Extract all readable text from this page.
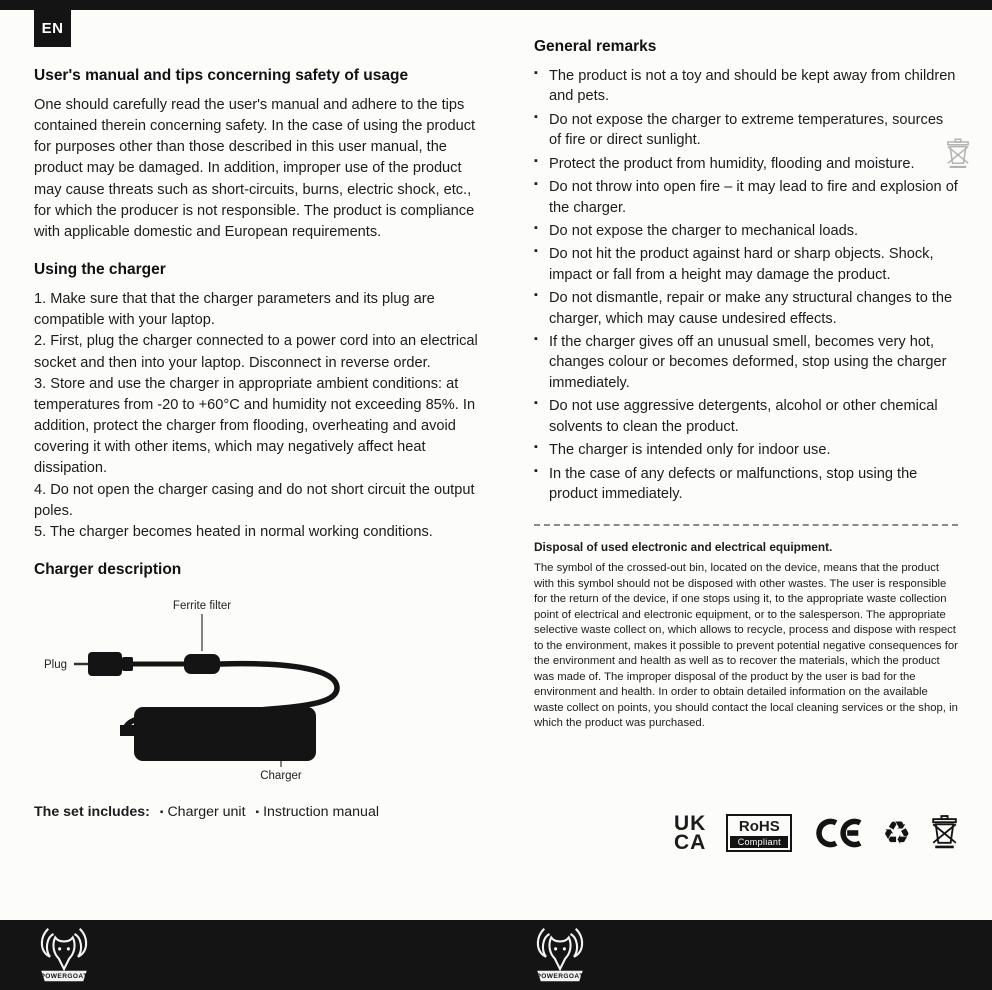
EN
User's manual and tips concerning safety of usage

One should carefully read the user's manual and adhere to the tips contained therein concerning safety. In the case of using the product for purposes other than those described in this user manual, the product may be damaged. In addition, improper use of the product may cause threats such as short-circuits, burns, electric shock, etc., for which the producer is not responsible. The product is compliance with applicable domestic and European requirements.

Using the charger

1. Make sure that that the charger parameters and its plug are compatible with your laptop.

2. First, plug the charger connected to a power cord into an electrical socket and then into your laptop. Disconnect in reverse order.

3. Store and use the charger in appropriate ambient conditions: at temperatures from -20 to +60°C and humidity not exceeding 85%. In addition, protect the charger from flooding, overheating and avoid covering it with other items, which may negatively affect heat dissipation.

4. Do not open the charger casing and do not short circuit the output poles.

5. The charger becomes heated in normal working conditions.

Charger description
Ferrite filter
Plug
Charger

The set includes: ▪ Charger unit ▪ Instruction manual

General remarks
▪ The product is not a toy and should be kept away from children and pets.
▪ Do not expose the charger to extreme temperatures, sources of fire or direct sunlight.
▪ Protect the product from humidity, flooding and moisture.
▪ Do not throw into open fire – it may lead to fire and explosion of the charger.
▪ Do not expose the charger to mechanical loads.
▪ Do not hit the product against hard or sharp objects. Shock, impact or fall from a height may damage the product.
▪ Do not dismantle, repair or make any structural changes to the charger, which may cause undesired effects.
▪ If the charger gives off an unusual smell, becomes very hot, changes colour or becomes deformed, stop using the charger immediately.
▪ Do not use aggressive detergents, alcohol or other chemical solvents to clean the product.
▪ The charger is intended only for indoor use.
▪ In the case of any defects or malfunctions, stop using the product immediately.

Disposal of used electronic and electrical equipment.

The symbol of the crossed-out bin, located on the device, means that the product with this symbol should not be disposed with other wastes. The user is responsible for the return of the device, if one stops using it, to the appropriate waste collection point of electrical and electronic equipment, or to the salesperson. The appropriate selective waste collect on, which allows to recycle, process and dispose with respect to the environment, makes it possible to prevent potential negative consequences for the environment and health as well as to recover the materials, which the product was made of. The improper disposal of the product by the user is bad for the environment and health. In order to obtain detailed information on the available waste collect on points, you should contact the local cleaning services or the shop, in which the product was purchased.

UK
CA
RoHS
Compliant	♻
POWERGOAT	POWERGOAT
